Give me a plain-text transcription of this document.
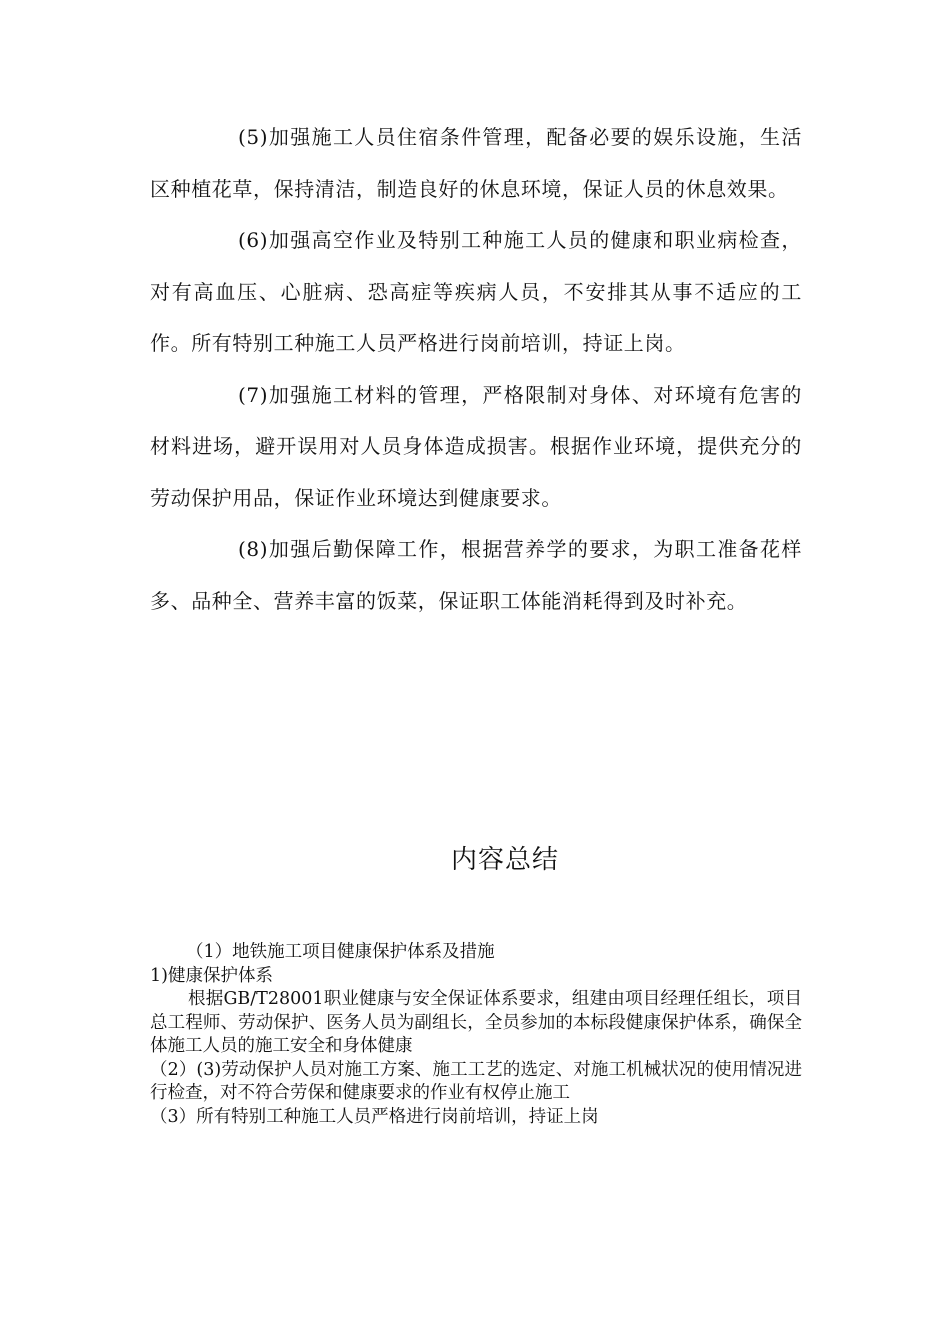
(5)加强施工人员住宿条件管理，配备必要的娱乐设施，生活区种植花草，保持清洁，制造良好的休息环境，保证人员的休息效果。

(6)加强高空作业及特别工种施工人员的健康和职业病检查，对有高血压、心脏病、恐高症等疾病人员，不安排其从事不适应的工作。所有特别工种施工人员严格进行岗前培训，持证上岗。

(7)加强施工材料的管理，严格限制对身体、对环境有危害的材料进场，避开误用对人员身体造成损害。根据作业环境，提供充分的劳动保护用品，保证作业环境达到健康要求。

(8)加强后勤保障工作，根据营养学的要求，为职工准备花样多、品种全、营养丰富的饭菜，保证职工体能消耗得到及时补充。

内容总结

（1）地铁施工项目健康保护体系及措施

1)健康保护体系

根据GB/T28001职业健康与安全保证体系要求，组建由项目经理任组长，项目总工程师、劳动保护、医务人员为副组长，全员参加的本标段健康保护体系，确保全体施工人员的施工安全和身体健康

（2）(3)劳动保护人员对施工方案、施工工艺的选定、对施工机械状况的使用情况进行检查，对不符合劳保和健康要求的作业有权停止施工

（3）所有特别工种施工人员严格进行岗前培训，持证上岗
